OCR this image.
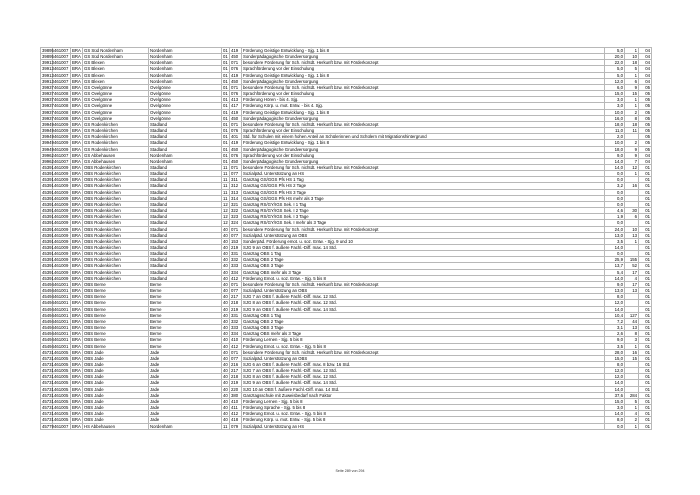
39895	461007	BRA	GS Süd Nordenham	Nordenham	01	419	Förderung Geistige Entwicklung - Sjg. 1 bis 8	5,0	1	04
39895	461007	BRA	GS Süd Nordenham	Nordenham	01	450	Sonderpädagogische Grundversorgung	20,0	10	04
39913	461007	BRA	GS Blexen	Nordenham	01	071	besondere Förderung für Sch. nichtdt. Herkunft bzw. mit Förderkonzept	22,0	18	04
39913	461007	BRA	GS Blexen	Nordenham	01	076	Sprachförderung vor der Einschulung	5,0	5	04
39913	461007	BRA	GS Blexen	Nordenham	01	419	Förderung Geistige Entwicklung - Sjg. 1 bis 8	5,0	1	04
39913	461007	BRA	GS Blexen	Nordenham	01	450	Sonderpädagogische Grundversorgung	12,0	6	04
39937	461008	BRA	GS Ovelgönne	Ovelgönne	01	071	besondere Förderung für Sch. nichtdt. Herkunft bzw. mit Förderkonzept	6,0	9	05
39937	461008	BRA	GS Ovelgönne	Ovelgönne	01	076	Sprachförderung vor der Einschulung	15,0	15	05
39937	461008	BRA	GS Ovelgönne	Ovelgönne	01	413	Förderung Hören - bis 4. Sjg.	3,0	1	05
39937	461008	BRA	GS Ovelgönne	Ovelgönne	01	417	Förderung Körp. u. mot. Entw. - bis 4. Sjg.	3,0	1	05
39937	461008	BRA	GS Ovelgönne	Ovelgönne	01	419	Förderung Geistige Entwicklung - Sjg. 1 bis 8	10,0	2	05
39937	461008	BRA	GS Ovelgönne	Ovelgönne	01	450	Sonderpädagogische Grundversorgung	16,0	8	05
39949	461009	BRA	GS Rodenkirchen	Stadland	01	071	besondere Förderung für Sch. nichtdt. Herkunft bzw. mit Förderkonzept	18,0	18	05
39949	461009	BRA	GS Rodenkirchen	Stadland	01	076	Sprachförderung vor der Einschulung	11,0	11	05
39949	461009	BRA	GS Rodenkirchen	Stadland	01	401	Std. für Schulen mit einem hohen Anteil an Schülerinnen und Schülern mit Migrationshintergrund	2,0		05
39949	461009	BRA	GS Rodenkirchen	Stadland	01	419	Förderung Geistige Entwicklung - Sjg. 1 bis 8	10,0	2	05
39949	461009	BRA	GS Rodenkirchen	Stadland	01	450	Sonderpädagogische Grundversorgung	18,0	9	05
39962	461007	BRA	GS Abbehausen	Nordenham	01	076	Sprachförderung vor der Einschulung	9,0	9	04
39962	461007	BRA	GS Abbehausen	Nordenham	01	450	Sonderpädagogische Grundversorgung	14,0	7	04
45391	461009	BRA	OBS Rodenkirchen	Stadland	11	071	besondere Förderung für Sch. nichtdt. Herkunft bzw. mit Förderkonzept	14,0	12	01
45391	461009	BRA	OBS Rodenkirchen	Stadland	11	077	Sozialpäd. Unterstützung an HS	0,0	1	01
45391	461009	BRA	OBS Rodenkirchen	Stadland	11	311	Ganztag GS/GGS Pfs HS 1 Tag	0,0		01
45391	461009	BRA	OBS Rodenkirchen	Stadland	11	312	Ganztag GS/GGS Pfs HS 2 Tage	3,2	16	01
45391	461009	BRA	OBS Rodenkirchen	Stadland	11	313	Ganztag GS/GGS Pfs HS 3 Tage	0,0		01
45391	461009	BRA	OBS Rodenkirchen	Stadland	11	314	Ganztag GS/GGS Pfs HS mehr als 3 Tage	0,0		01
45391	461009	BRA	OBS Rodenkirchen	Stadland	12	321	Ganztag RS/GY/IGS Sek. I 1 Tag	0,0		01
45391	461009	BRA	OBS Rodenkirchen	Stadland	12	322	Ganztag RS/GY/IGS Sek. I 2 Tage	4,6	30	01
45391	461009	BRA	OBS Rodenkirchen	Stadland	12	323	Ganztag RS/GY/IGS Sek. I 3 Tage	1,9	6	01
45391	461009	BRA	OBS Rodenkirchen	Stadland	12	324	Ganztag RS/GY/IGS Sek. I mehr als 3 Tage	0,0		01
45391	461009	BRA	OBS Rodenkirchen	Stadland	40	071	besondere Förderung für Sch. nichtdt. Herkunft bzw. mit Förderkonzept	24,0	10	01
45391	461009	BRA	OBS Rodenkirchen	Stadland	40	077	Sozialpäd. Unterstützung an OBS	13,0	13	01
45391	461009	BRA	OBS Rodenkirchen	Stadland	40	153	Sonderpäd. Förderung emot. u. soz. Entw. - Sjg. 9 und 10	3,5	1	01
45391	461009	BRA	OBS Rodenkirchen	Stadland	40	219	SJG 9 an OBS f. äußere Fachl.-Diff. max. 14 Std.	14,0		01
45391	461009	BRA	OBS Rodenkirchen	Stadland	40	331	Ganztag OBS 1 Tag	0,0		01
45391	461009	BRA	OBS Rodenkirchen	Stadland	40	332	Ganztag OBS 2 Tage	25,9	155	01
45391	461009	BRA	OBS Rodenkirchen	Stadland	40	333	Ganztag OBS 3 Tage	13,7	52	01
45391	461009	BRA	OBS Rodenkirchen	Stadland	40	334	Ganztag OBS mehr als 3 Tage	5,4	17	01
45391	461009	BRA	OBS Rodenkirchen	Stadland	40	412	Förderung Emot. u. soz. Entw. - Sjg. 5 bis 8	14,0	4	01
45494	461001	BRA	OBS Berne	Berne	40	071	besondere Förderung für Sch. nichtdt. Herkunft bzw. mit Förderkonzept	9,0	17	01
45494	461001	BRA	OBS Berne	Berne	40	077	Sozialpäd. Unterstützung an OBS	13,0	13	01
45494	461001	BRA	OBS Berne	Berne	40	217	SJG 7 an OBS f. äußere Fachl.-Diff. max. 12 Std.	8,0		01
45494	461001	BRA	OBS Berne	Berne	40	218	SJG 8 an OBS f. äußere Fachl.-Diff. max. 12 Std.	12,0		01
45494	461001	BRA	OBS Berne	Berne	40	219	SJG 9 an OBS f. äußere Fachl.-Diff. max. 14 Std.	14,0		01
45494	461001	BRA	OBS Berne	Berne	40	331	Ganztag OBS 1 Tag	10,4	127	01
45494	461001	BRA	OBS Berne	Berne	40	332	Ganztag OBS 2 Tage	7,2	44	01
45494	461001	BRA	OBS Berne	Berne	40	333	Ganztag OBS 3 Tage	3,1	13	01
45494	461001	BRA	OBS Berne	Berne	40	334	Ganztag OBS mehr als 3 Tage	2,6	8	01
45494	461001	BRA	OBS Berne	Berne	40	410	Förderung Lernen - Sjg. 5 bis 8	9,0	3	01
45494	461001	BRA	OBS Berne	Berne	40	412	Förderung Emot. u. soz. Entw. - Sjg. 5 bis 8	3,5	1	01
45731	461005	BRA	OBS Jade	Jade	40	071	besondere Förderung für Sch. nichtdt. Herkunft bzw. mit Förderkonzept	28,0	16	01
45731	461005	BRA	OBS Jade	Jade	40	077	Sozialpäd. Unterstützung an OBS	15,0	15	01
45731	461005	BRA	OBS Jade	Jade	40	216	SJG 6 an OBS f. äußere Fachl.-Diff. max. 8 bzw. 16 Std.	8,0		01
45731	461005	BRA	OBS Jade	Jade	40	217	SJG 7 an OBS f. äußere Fachl.-Diff. max. 12 Std.	12,0		01
45731	461005	BRA	OBS Jade	Jade	40	218	SJG 8 an OBS f. äußere Fachl.-Diff. max. 12 Std.	12,0		01
45731	461005	BRA	OBS Jade	Jade	40	219	SJG 9 an OBS f. äußere Fachl.-Diff. max. 14 Std.	14,0		01
45731	461005	BRA	OBS Jade	Jade	40	220	SJG 10 an OBS f. äußere Fachl.-Diff. max. 14 Std.	14,0		01
45731	461005	BRA	OBS Jade	Jade	40	380	Ganztagsschule mit Zuweisbedarf nach Faktor	37,6	284	01
45731	461005	BRA	OBS Jade	Jade	40	410	Förderung Lernen - Sjg. 5 bis 8	15,0	5	01
45731	461005	BRA	OBS Jade	Jade	40	411	Förderung Sprache - Sjg. 5 bis 8	3,0	1	01
45731	461005	BRA	OBS Jade	Jade	40	412	Förderung Emot. u. soz. Entw. - Sjg. 5 bis 8	14,0	4	01
45731	461005	BRA	OBS Jade	Jade	40	418	Förderung Körp. u. mot. Entw. - Sjg. 5 bis 8	8,0	2	01
45779	461007	BRA	HS Abbehausen	Nordenham	11	079	Sozialpäd. Unterstützung an HS	0,0	1	01
Seite 289 von 294
